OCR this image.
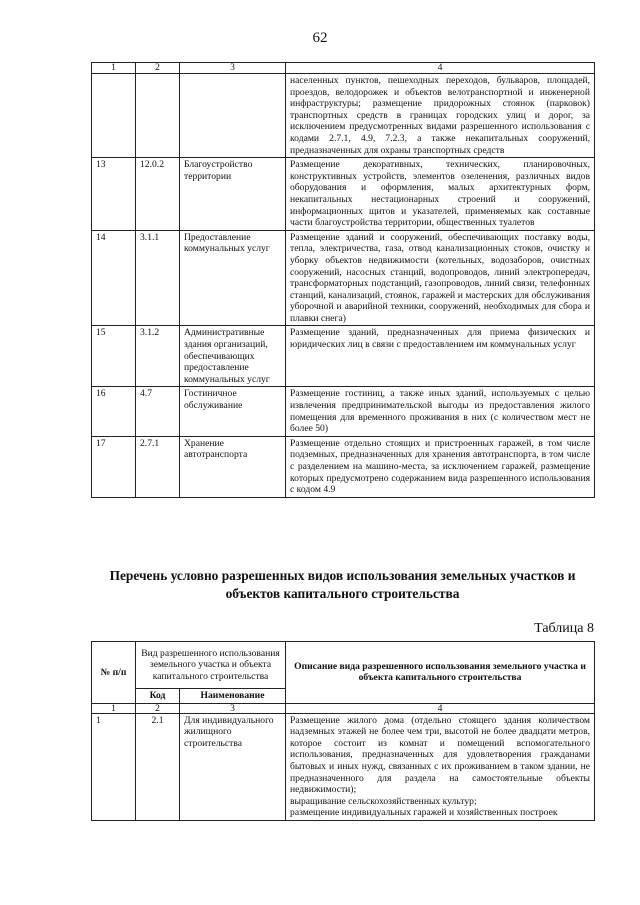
62
1	2	3	4
			населенных пунктов, пешеходных переходов, бульваров, площадей, проездов, велодорожек и объектов велотранспортной и инженерной инфраструктуры; размещение придорожных стоянок (парковок) транспортных средств в границах городских улиц и дорог, за исключением предусмотренных видами разрешенного использования с кодами 2.7.1, 4.9, 7.2.3, а также некапитальных сооружений, предназначенных для охраны транспортных средств
13	12.0.2	Благоустройство территории	Размещение декоративных, технических, планировочных, конструктивных устройств, элементов озеленения, различных видов оборудования и оформления, малых архитектурных форм, некапитальных нестационарных строений и сооружений, информационных щитов и указателей, применяемых как составные части благоустройства территории, общественных туалетов
14	3.1.1	Предоставление коммунальных услуг	Размещение зданий и сооружений, обеспечивающих поставку воды, тепла, электричества, газа, отвод канализационных стоков, очистку и уборку объектов недвижимости (котельных, водозаборов, очистных сооружений, насосных станций, водопроводов, линий электропередач, трансформаторных подстанций, газопроводов, линий связи, телефонных станций, канализаций, стоянок, гаражей и мастерских для обслуживания уборочной и аварийной техники, сооружений, необходимых для сбора и плавки снега)
15	3.1.2	Административные здания организаций, обеспечивающих предоставление коммунальных услуг	Размещение зданий, предназначенных для приема физических и юридических лиц в связи с предоставлением им коммунальных услуг
16	4.7	Гостиничное обслуживание	Размещение гостиниц, а также иных зданий, используемых с целью извлечения предпринимательской выгоды из предоставления жилого помещения для временного проживания в них (с количеством мест не более 50)
17	2.7.1	Хранение автотранспорта	Размещение отдельно стоящих и пристроенных гаражей, в том числе подземных, предназначенных для хранения автотранспорта, в том числе с разделением на машино-места, за исключением гаражей, размещение которых предусмотрено содержанием вида разрешенного использования с кодом 4.9
Перечень условно разрешенных видов использования земельных участков и объектов капитального строительства
Таблица 8
№ п/п	Вид разрешенного использования земельного участка и объекта капитального строительства		Описание вида разрешенного использования земельного участка и объекта капитального строительства
	Код	Наименование	
1	2	3	4
1	2.1	Для индивидуального жилищного строительства	Размещение жилого дома (отдельно стоящего здания количеством надземных этажей не более чем три, высотой не более двадцати метров, которое состоит из комнат и помещений вспомогательного использования, предназначенных для удовлетворения гражданами бытовых и иных нужд, связанных с их проживанием в таком здании, не предназначенного для раздела на самостоятельные объекты недвижимости);
выращивание сельскохозяйственных культур;
размещение индивидуальных гаражей и хозяйственных построек
